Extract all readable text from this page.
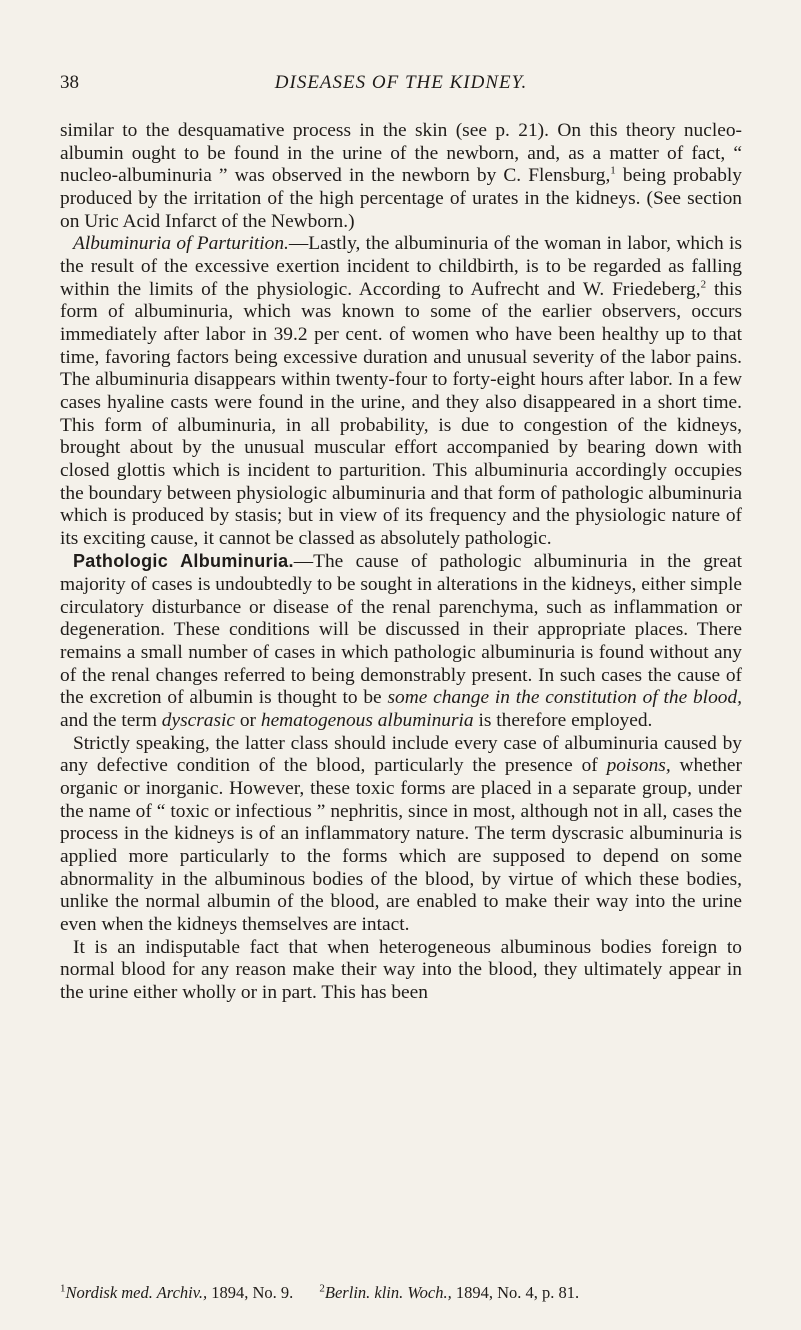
38	DISEASES OF THE KIDNEY.

similar to the desquamative process in the skin (see p. 21). On this theory nucleo-albumin ought to be found in the urine of the newborn, and, as a matter of fact, “ nucleo-albuminuria ” was observed in the newborn by C. Flensburg,$^1$ being probably produced by the irritation of the high percentage of urates in the kidneys. (See section on Uric Acid Infarct of the Newborn.)

Albuminuria of Parturition.—Lastly, the albuminuria of the woman in labor, which is the result of the excessive exertion incident to childbirth, is to be regarded as falling within the limits of the physiologic. According to Aufrecht and W. Friedeberg,$^2$ this form of albuminuria, which was known to some of the earlier observers, occurs immediately after labor in 39.2 per cent. of women who have been healthy up to that time, favoring factors being excessive duration and unusual severity of the labor pains. The albuminuria disappears within twenty-four to forty-eight hours after labor. In a few cases hyaline casts were found in the urine, and they also disappeared in a short time. This form of albuminuria, in all probability, is due to congestion of the kidneys, brought about by the unusual muscular effort accompanied by bearing down with closed glottis which is incident to parturition. This albuminuria accordingly occupies the boundary between physiologic albuminuria and that form of pathologic albuminuria which is produced by stasis; but in view of its frequency and the physiologic nature of its exciting cause, it cannot be classed as absolutely pathologic.

Pathologic Albuminuria.—The cause of pathologic albuminuria in the great majority of cases is undoubtedly to be sought in alterations in the kidneys, either simple circulatory disturbance or disease of the renal parenchyma, such as inflammation or degeneration. These conditions will be discussed in their appropriate places. There remains a small number of cases in which pathologic albuminuria is found without any of the renal changes referred to being demonstrably present. In such cases the cause of the excretion of albumin is thought to be some change in the constitution of the blood, and the term dyscrasic or hematogenous albuminuria is therefore employed.

Strictly speaking, the latter class should include every case of albuminuria caused by any defective condition of the blood, particularly the presence of poisons, whether organic or inorganic. However, these toxic forms are placed in a separate group, under the name of “ toxic or infectious ” nephritis, since in most, although not in all, cases the process in the kidneys is of an inflammatory nature. The term dyscrasic albuminuria is applied more particularly to the forms which are supposed to depend on some abnormality in the albuminous bodies of the blood, by virtue of which these bodies, unlike the normal albumin of the blood, are enabled to make their way into the urine even when the kidneys themselves are intact.

It is an indisputable fact that when heterogeneous albuminous bodies foreign to normal blood for any reason make their way into the blood, they ultimately appear in the urine either wholly or in part. This has been

$^1$Nordisk med. Archiv., 1894, No. 9. $^2$Berlin. klin. Woch., 1894, No. 4, p. 81.
